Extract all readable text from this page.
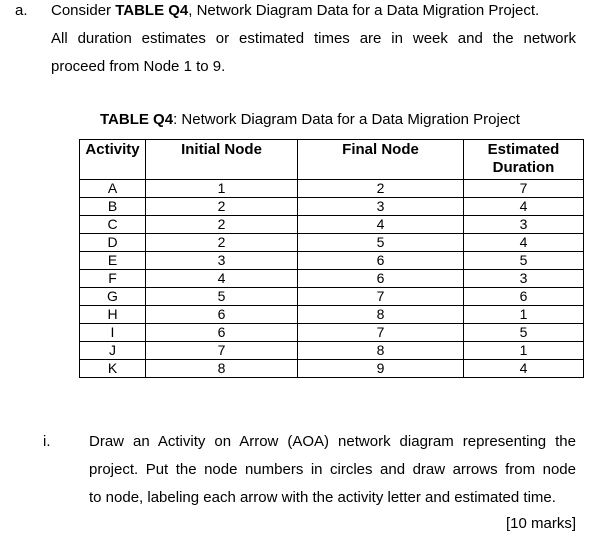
a. Consider TABLE Q4, Network Diagram Data for a Data Migration Project.
All duration estimates or estimated times are in week and the network
proceed from Node 1 to 9.
TABLE Q4: Network Diagram Data for a Data Migration Project
Activity	Initial Node	Final Node	Estimated
Duration
A	1	2	7
B	2	3	4
C	2	4	3
D	2	5	4
E	3	6	5
F	4	6	3
G	5	7	6
H	6	8	1
I	6	7	5
J	7	8	1
K	8	9	4
i.	Draw an Activity on Arrow (AOA) network diagram representing the
project. Put the node numbers in circles and draw arrows from node
to node, labeling each arrow with the activity letter and estimated time.
[10 marks]
